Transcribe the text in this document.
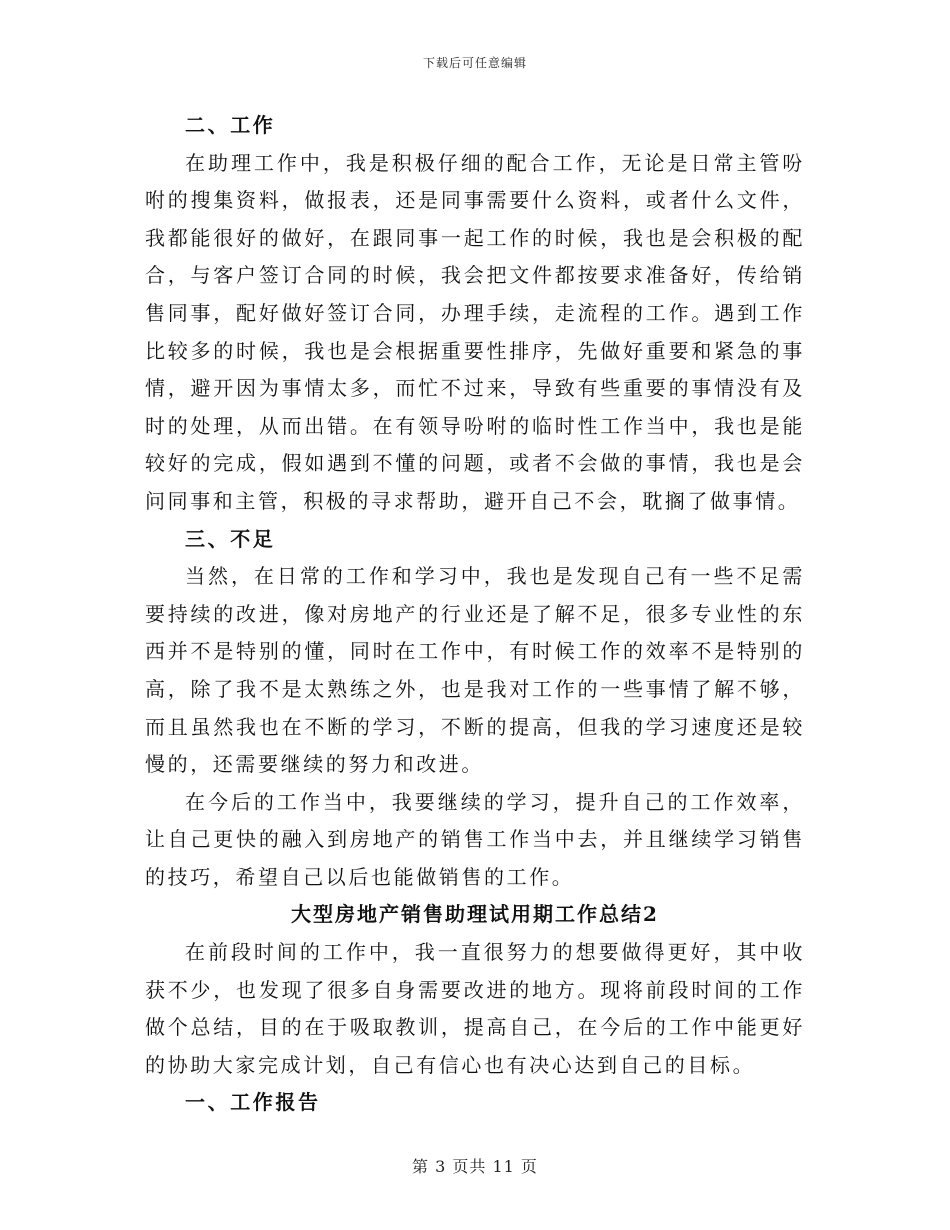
下载后可任意编辑
二、工作

在助理工作中，我是积极仔细的配合工作，无论是日常主管吩咐的搜集资料，做报表，还是同事需要什么资料，或者什么文件，我都能很好的做好，在跟同事一起工作的时候，我也是会积极的配合，与客户签订合同的时候，我会把文件都按要求准备好，传给销售同事，配好做好签订合同，办理手续，走流程的工作。遇到工作比较多的时候，我也是会根据重要性排序，先做好重要和紧急的事情，避开因为事情太多，而忙不过来，导致有些重要的事情没有及时的处理，从而出错。在有领导吩咐的临时性工作当中，我也是能较好的完成，假如遇到不懂的问题，或者不会做的事情，我也是会问同事和主管，积极的寻求帮助，避开自己不会，耽搁了做事情。

三、不足

当然，在日常的工作和学习中，我也是发现自己有一些不足需要持续的改进，像对房地产的行业还是了解不足，很多专业性的东西并不是特别的懂，同时在工作中，有时候工作的效率不是特别的高，除了我不是太熟练之外，也是我对工作的一些事情了解不够，而且虽然我也在不断的学习，不断的提高，但我的学习速度还是较慢的，还需要继续的努力和改进。

在今后的工作当中，我要继续的学习，提升自己的工作效率，让自己更快的融入到房地产的销售工作当中去，并且继续学习销售的技巧，希望自己以后也能做销售的工作。

大型房地产销售助理试用期工作总结2

在前段时间的工作中，我一直很努力的想要做得更好，其中收获不少，也发现了很多自身需要改进的地方。现将前段时间的工作做个总结，目的在于吸取教训，提高自己，在今后的工作中能更好的协助大家完成计划，自己有信心也有决心达到自己的目标。

一、工作报告
第 3 页共 11 页
